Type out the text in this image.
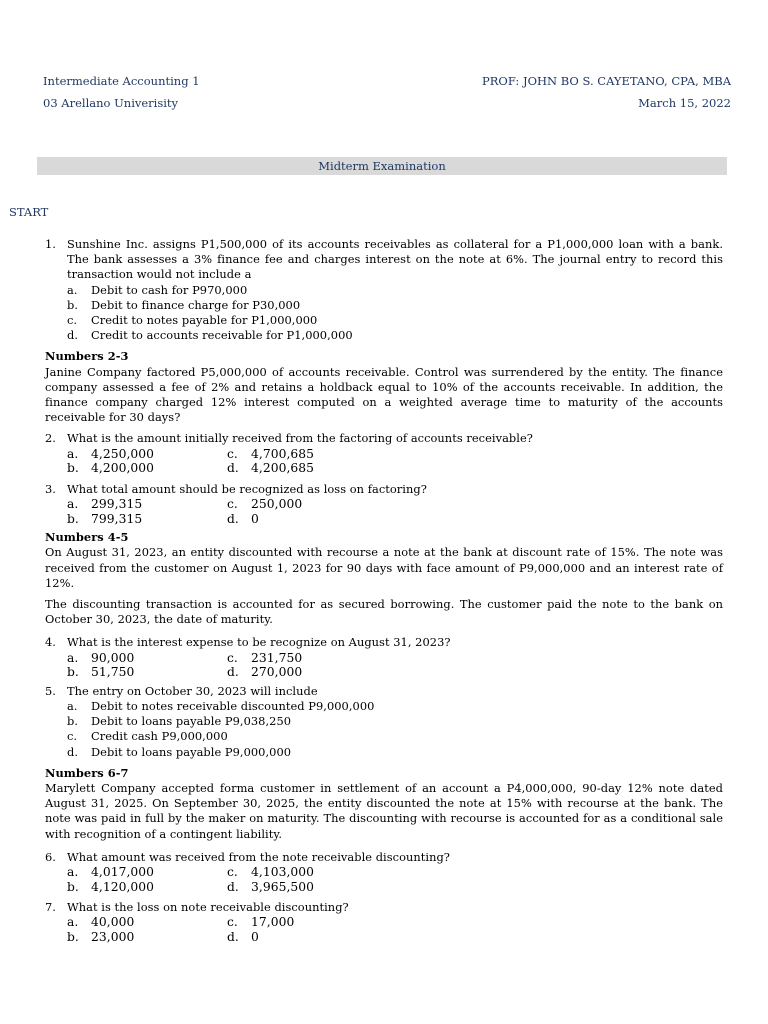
Intermediate Accounting 1
03 Arellano Univerisity
PROF: JOHN BO S. CAYETANO, CPA, MBA
March 15, 2022
Midterm Examination
START
1. Sunshine Inc. assigns P1,500,000 of its accounts receivables as collateral for a P1,000,000 loan with a bank. The bank assesses a 3% finance fee and charges interest on the note at 6%. The journal entry to record this transaction would not include a
a.	Debit to cash for P970,000
b.	Debit to finance charge for P30,000
c.	Credit to notes payable for P1,000,000
d.	Credit to accounts receivable for P1,000,000
Numbers 2-3

Janine Company factored P5,000,000 of accounts receivable. Control was surrendered by the entity. The finance company assessed a fee of 2% and retains a holdback equal to 10% of the accounts receivable. In addition, the finance company charged 12% interest computed on a weighted average time to maturity of the accounts receivable for 30 days?

2. What is the amount initially received from the factoring of accounts receivable?
a.	4,250,000	c.	4,700,685
b. 4,200,000	d. 4,200,685
3. What total amount should be recognized as loss on factoring?
a.	299,315	c.	250,000
b. 799,315	d. 0
Numbers 4-5

On August 31, 2023, an entity discounted with recourse a note at the bank at discount rate of 15%. The note was received from the customer on August 1, 2023 for 90 days with face amount of P9,000,000 and an interest rate of 12%.

The discounting transaction is accounted for as secured borrowing. The customer paid the note to the bank on October 30, 2023, the date of maturity.

4. What is the interest expense to be recognize on August 31, 2023?
a.	90,000	c.	231,750
b. 51,750	d. 270,000
5. The entry on October 30, 2023 will include
a.	Debit to notes receivable discounted P9,000,000
b.	Debit to loans payable P9,038,250
c.	Credit cash P9,000,000
d.	Debit to loans payable P9,000,000
Numbers 6-7

Marylett Company accepted forma customer in settlement of an account a P4,000,000, 90-day 12% note dated August 31, 2025. On September 30, 2025, the entity discounted the note at 15% with recourse at the bank. The note was paid in full by the maker on maturity. The discounting with recourse is accounted for as a conditional sale with recognition of a contingent liability.

6. What amount was received from the note receivable discounting?
a.	4,017,000	c.	4,103,000
b. 4,120,000	d. 3,965,500
7. What is the loss on note receivable discounting?
a.	40,000	c.	17,000
b. 23,000	d. 0
